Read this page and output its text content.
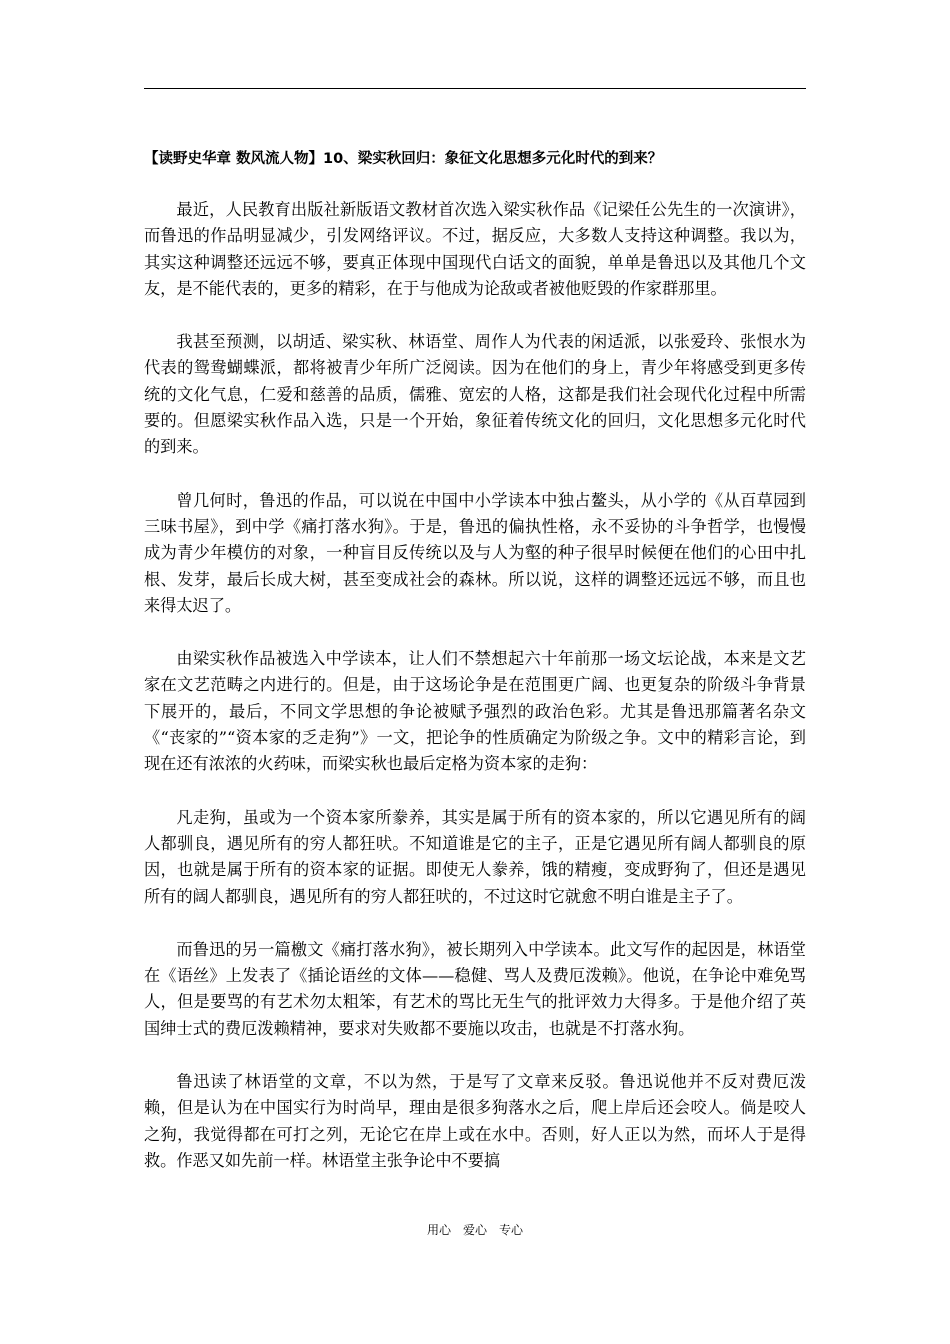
【读野史华章 数风流人物】10、梁实秋回归：象征文化思想多元化时代的到来？

最近，人民教育出版社新版语文教材首次选入梁实秋作品《记梁任公先生的一次演讲》，而鲁迅的作品明显减少，引发网络评议。不过，据反应，大多数人支持这种调整。我以为，其实这种调整还远远不够，要真正体现中国现代白话文的面貌，单单是鲁迅以及其他几个文友，是不能代表的，更多的精彩，在于与他成为论敌或者被他贬毁的作家群那里。

我甚至预测，以胡适、梁实秋、林语堂、周作人为代表的闲适派，以张爱玲、张恨水为代表的鸳鸯蝴蝶派，都将被青少年所广泛阅读。因为在他们的身上，青少年将感受到更多传统的文化气息，仁爱和慈善的品质，儒雅、宽宏的人格，这都是我们社会现代化过程中所需要的。但愿梁实秋作品入选，只是一个开始，象征着传统文化的回归，文化思想多元化时代的到来。

曾几何时，鲁迅的作品，可以说在中国中小学读本中独占鳌头，从小学的《从百草园到三味书屋》，到中学《痛打落水狗》。于是，鲁迅的偏执性格，永不妥协的斗争哲学，也慢慢成为青少年模仿的对象，一种盲目反传统以及与人为壑的种子很早时候便在他们的心田中扎根、发芽，最后长成大树，甚至变成社会的森林。所以说，这样的调整还远远不够，而且也来得太迟了。

由梁实秋作品被选入中学读本，让人们不禁想起六十年前那一场文坛论战，本来是文艺家在文艺范畴之内进行的。但是，由于这场论争是在范围更广阔、也更复杂的阶级斗争背景下展开的，最后，不同文学思想的争论被赋予强烈的政治色彩。尤其是鲁迅那篇著名杂文《“丧家的”“资本家的乏走狗”》一文，把论争的性质确定为阶级之争。文中的精彩言论，到现在还有浓浓的火药味，而梁实秋也最后定格为资本家的走狗：

凡走狗，虽或为一个资本家所豢养，其实是属于所有的资本家的，所以它遇见所有的阔人都驯良，遇见所有的穷人都狂吠。不知道谁是它的主子，正是它遇见所有阔人都驯良的原因，也就是属于所有的资本家的证据。即使无人豢养，饿的精瘦，变成野狗了，但还是遇见所有的阔人都驯良，遇见所有的穷人都狂吠的，不过这时它就愈不明白谁是主子了。

而鲁迅的另一篇檄文《痛打落水狗》，被长期列入中学读本。此文写作的起因是，林语堂在《语丝》上发表了《插论语丝的文体——稳健、骂人及费厄泼赖》。他说，在争论中难免骂人，但是要骂的有艺术勿太粗笨，有艺术的骂比无生气的批评效力大得多。于是他介绍了英国绅士式的费厄泼赖精神，要求对失败都不要施以攻击，也就是不打落水狗。

鲁迅读了林语堂的文章，不以为然，于是写了文章来反驳。鲁迅说他并不反对费厄泼赖，但是认为在中国实行为时尚早，理由是很多狗落水之后，爬上岸后还会咬人。倘是咬人之狗，我觉得都在可打之列，无论它在岸上或在水中。否则，好人正以为然，而坏人于是得救。作恶又如先前一样。林语堂主张争论中不要搞

用心　爱心　专心
